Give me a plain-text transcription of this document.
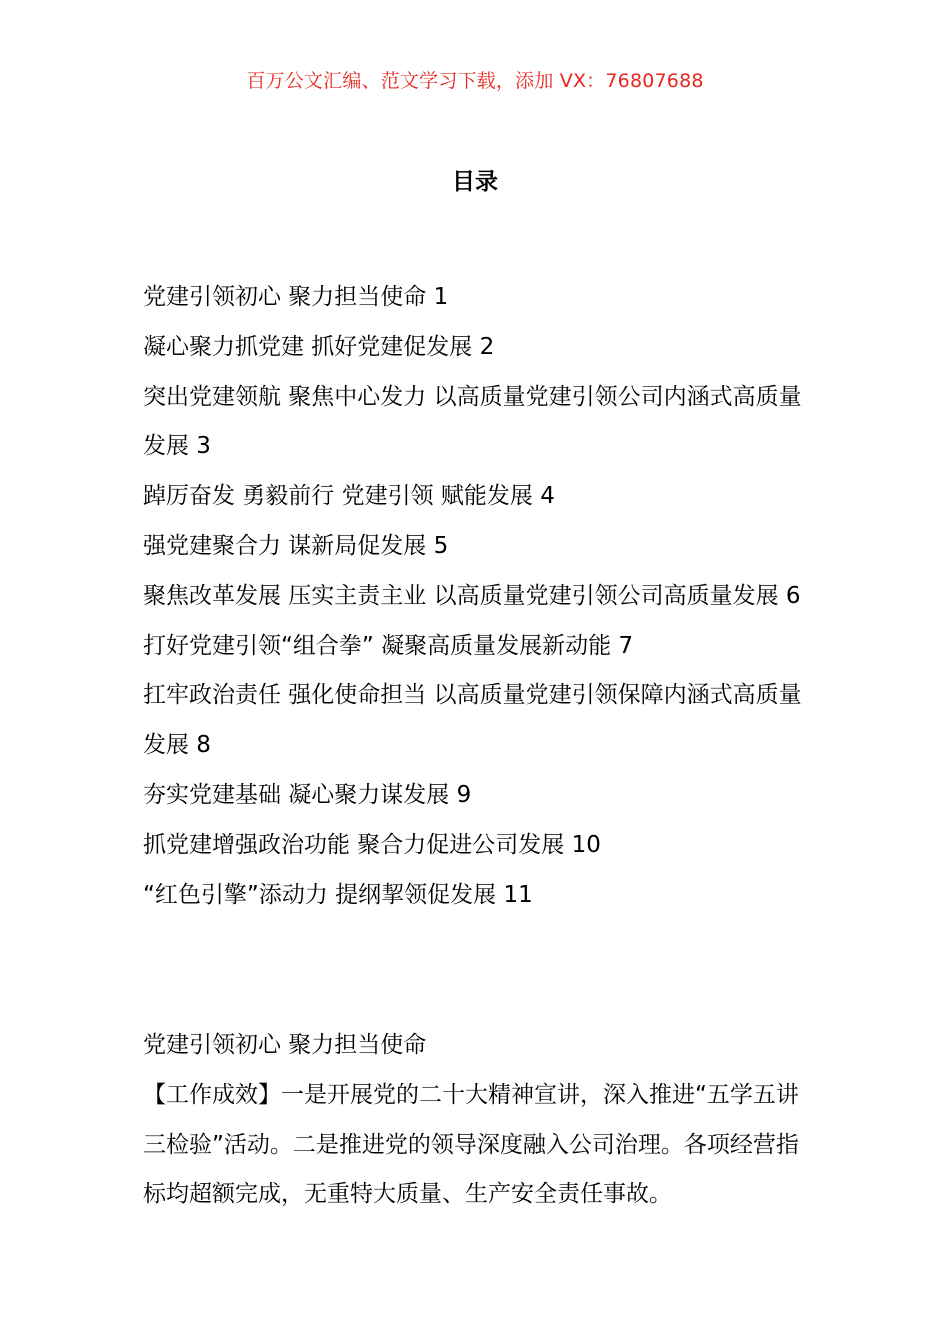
百万公文汇编、范文学习下载，添加 VX：76807688
目录
党建引领初心 聚力担当使命 1
凝心聚力抓党建 抓好党建促发展 2
突出党建领航 聚焦中心发力 以高质量党建引领公司内涵式高质量发展 3
踔厉奋发 勇毅前行 党建引领 赋能发展 4
强党建聚合力 谋新局促发展 5
聚焦改革发展 压实主责主业 以高质量党建引领公司高质量发展 6
打好党建引领“组合拳” 凝聚高质量发展新动能 7
扛牢政治责任 强化使命担当 以高质量党建引领保障内涵式高质量发展 8
夯实党建基础 凝心聚力谋发展 9
抓党建增强政治功能 聚合力促进公司发展 10
“红色引擎”添动力 提纲挈领促发展 11

党建引领初心 聚力担当使命

【工作成效】一是开展党的二十大精神宣讲，深入推进“五学五讲三检验”活动。二是推进党的领导深度融入公司治理。各项经营指标均超额完成，无重特大质量、生产安全责任事故。
